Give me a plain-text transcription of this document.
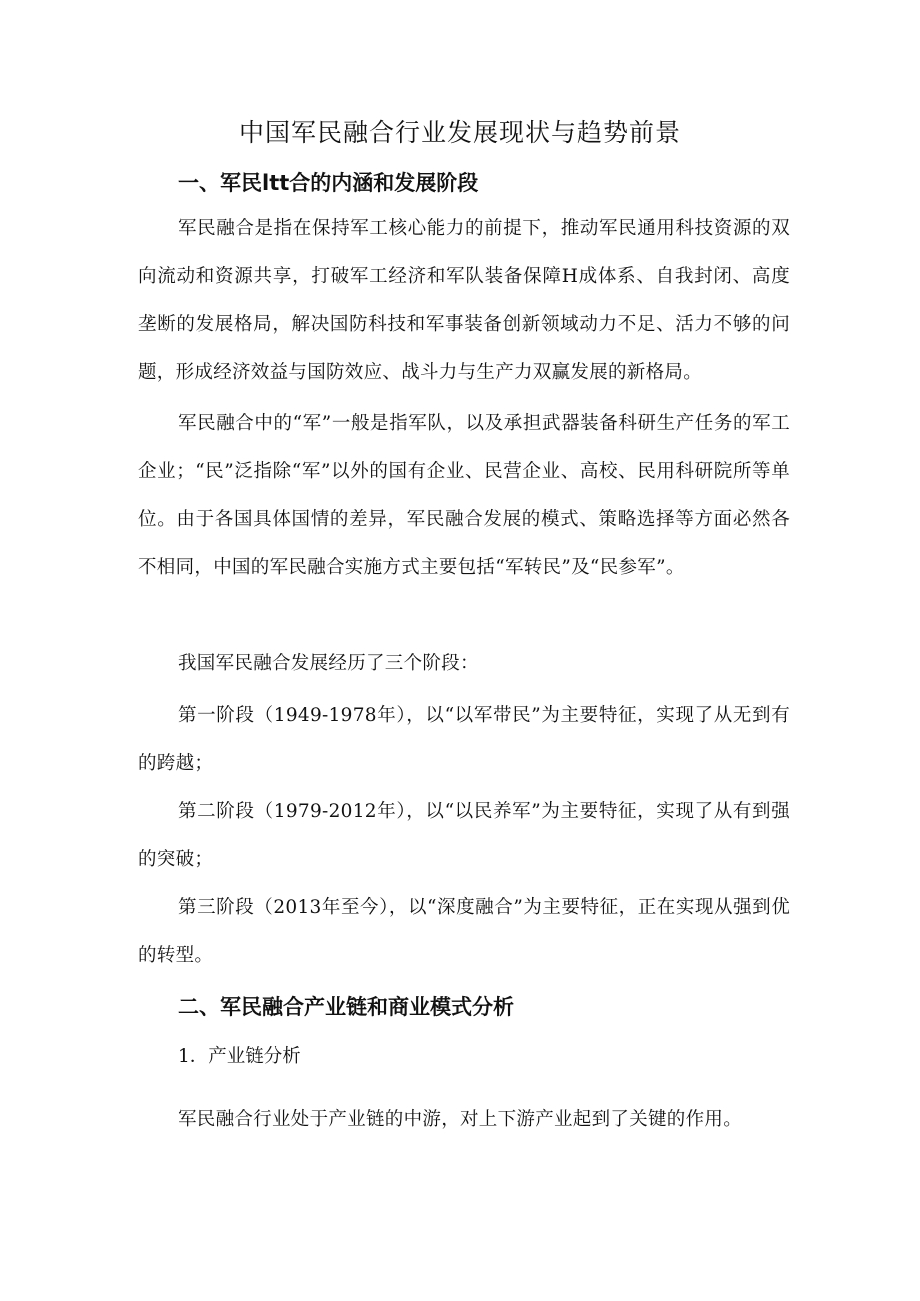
中国军民融合行业发展现状与趋势前景
一、军民ltt合的内涵和发展阶段
军民融合是指在保持军工核心能力的前提下，推动军民通用科技资源的双向流动和资源共享，打破军工经济和军队装备保障H成体系、自我封闭、高度垄断的发展格局，解决国防科技和军事装备创新领域动力不足、活力不够的问题，形成经济效益与国防效应、战斗力与生产力双赢发展的新格局。
军民融合中的“军”一般是指军队，以及承担武器装备科研生产任务的军工企业；“民”泛指除“军”以外的国有企业、民营企业、高校、民用科研院所等单位。由于各国具体国情的差异，军民融合发展的模式、策略选择等方面必然各不相同，中国的军民融合实施方式主要包括“军转民”及“民参军”。
我国军民融合发展经历了三个阶段：
第一阶段（1949-1978年），以“以军带民”为主要特征，实现了从无到有的跨越；
第二阶段（1979-2012年），以“以民养军”为主要特征，实现了从有到强的突破；
第三阶段（2013年至今），以“深度融合”为主要特征，正在实现从强到优的转型。
二、军民融合产业链和商业模式分析
1．产业链分析
军民融合行业处于产业链的中游，对上下游产业起到了关键的作用。
